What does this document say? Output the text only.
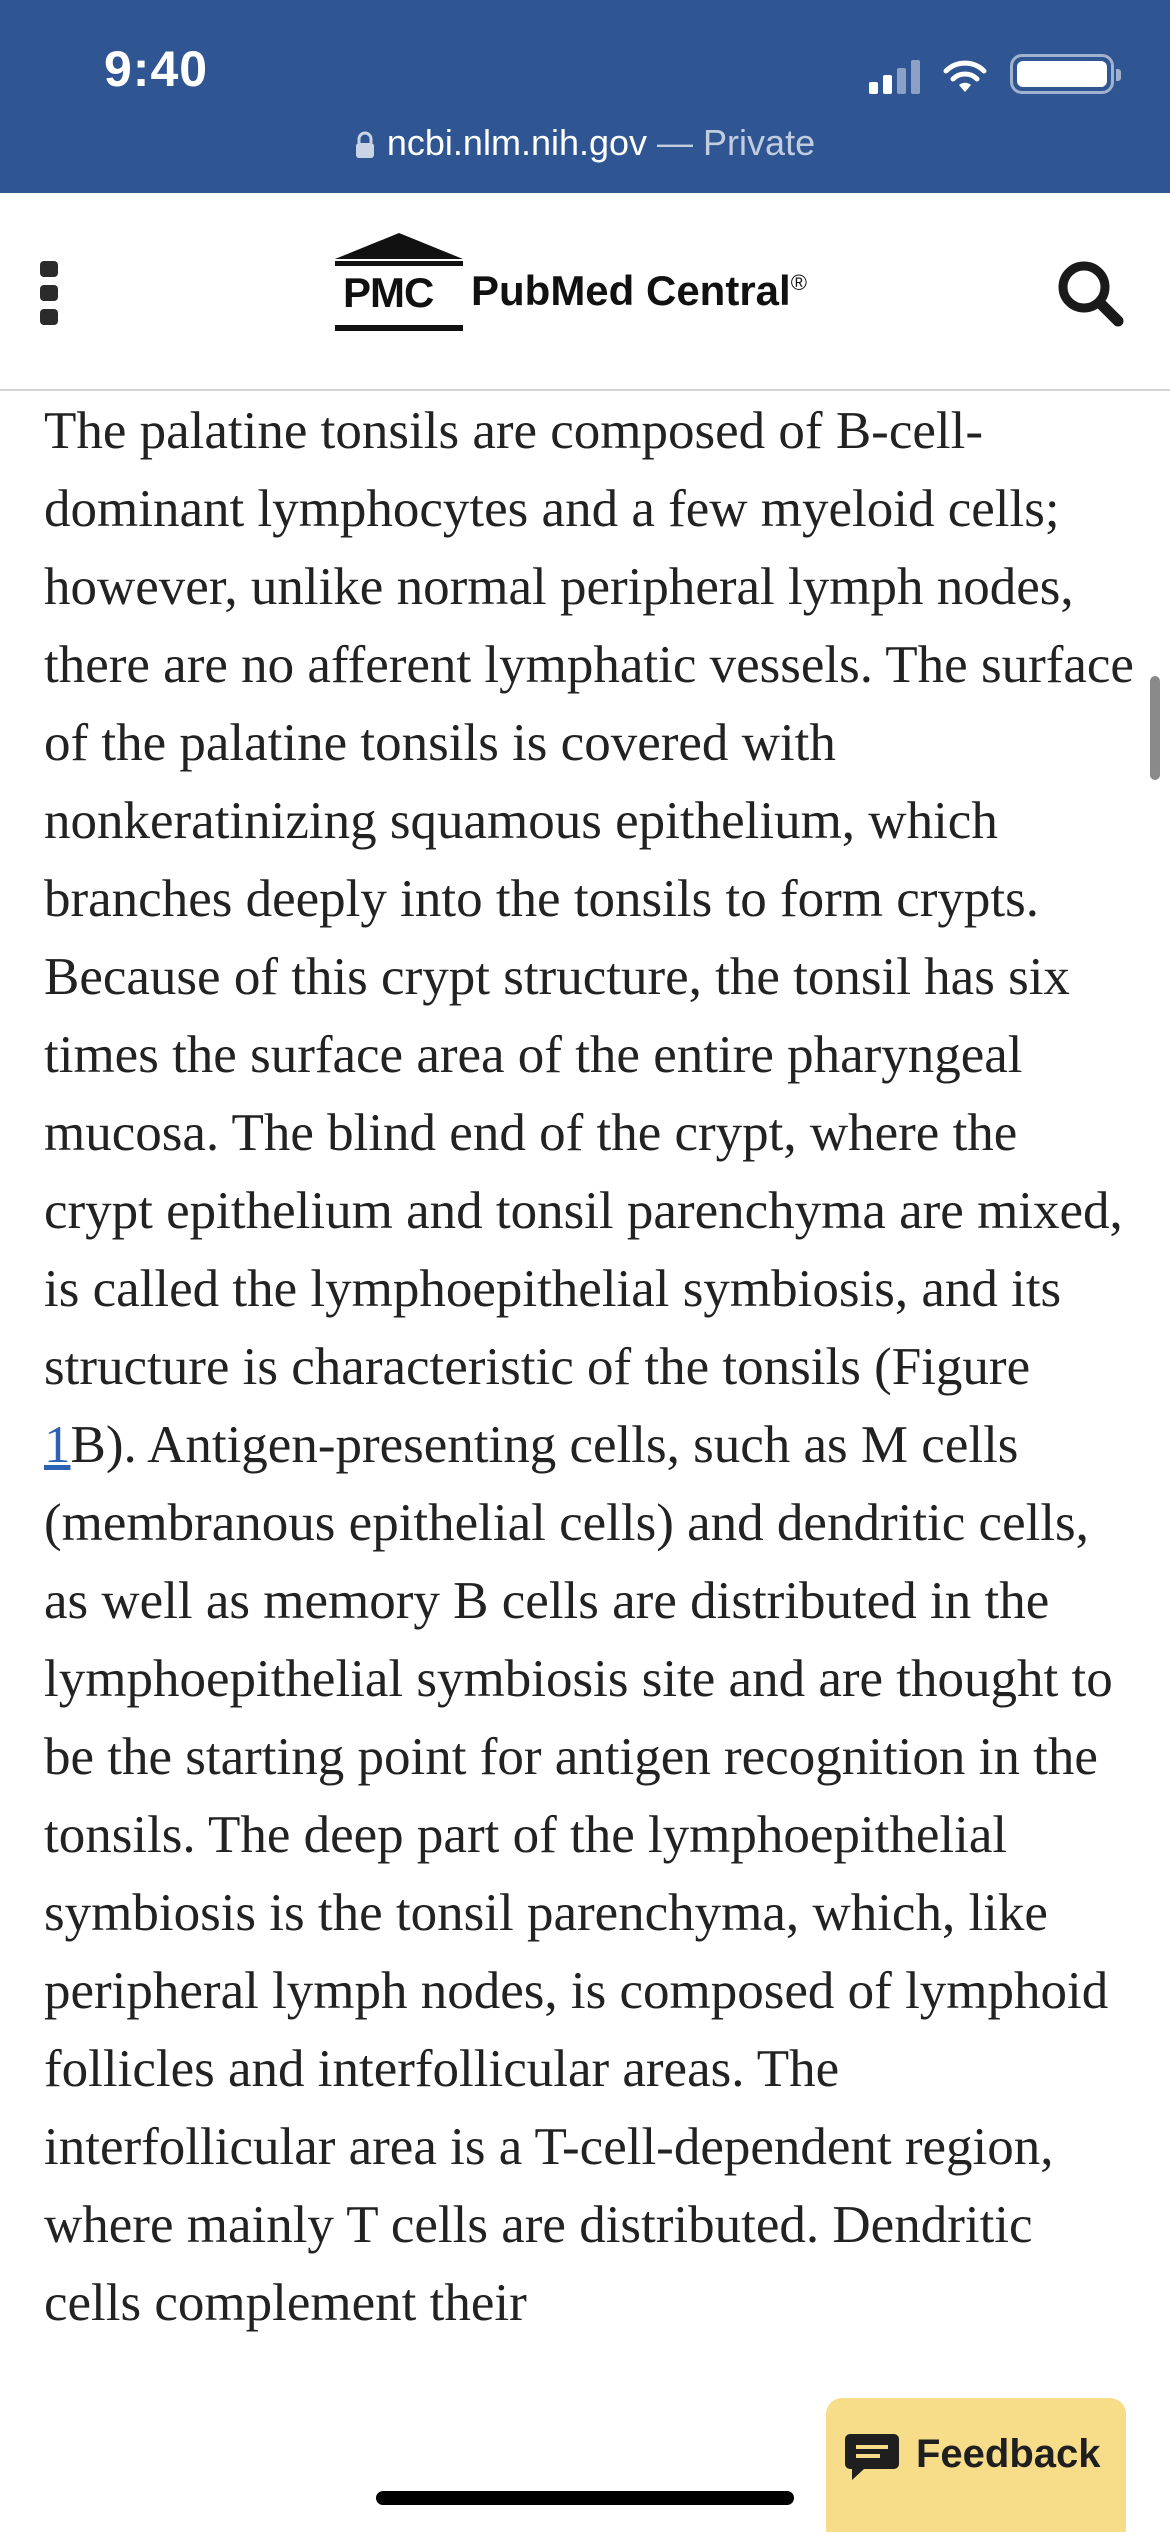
9:40
ncbi.nlm.nih.gov — Private
PMC PubMed Central®

The palatine tonsils are composed of B-cell-dominant lymphocytes and a few myeloid cells; however, unlike normal peripheral lymph nodes, there are no afferent lymphatic vessels. The surface of the palatine tonsils is covered with nonkeratinizing squamous epithelium, which branches deeply into the tonsils to form crypts. Because of this crypt structure, the tonsil has six times the surface area of the entire pharyngeal mucosa. The blind end of the crypt, where the crypt epithelium and tonsil parenchyma are mixed, is called the lymphoepithelial symbiosis, and its structure is characteristic of the tonsils (Figure 1B). Antigen-presenting cells, such as M cells (membranous epithelial cells) and dendritic cells, as well as memory B cells are distributed in the lymphoepithelial symbiosis site and are thought to be the starting point for antigen recognition in the tonsils. The deep part of the lymphoepithelial symbiosis is the tonsil parenchyma, which, like peripheral lymph nodes, is composed of lymphoid follicles and interfollicular areas. The interfollicular area is a T-cell-dependent region, where mainly T cells are distributed. Dendritic cells complement their

Feedback
